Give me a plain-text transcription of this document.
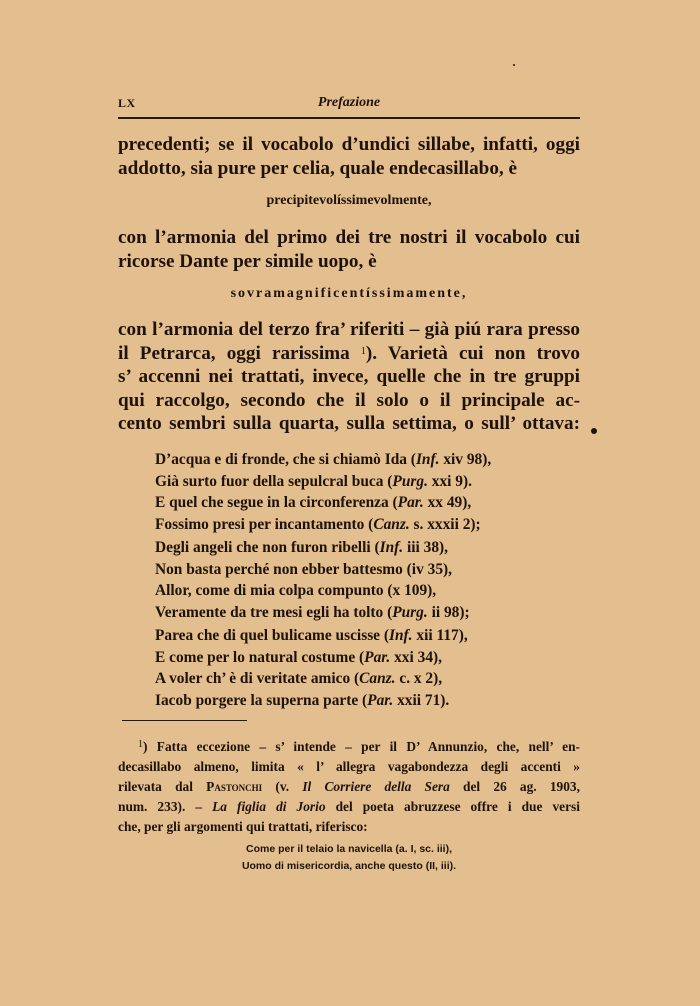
LX	Prefazione
precedenti; se il vocabolo d’undici sillabe, infatti, oggi
addotto, sia pure per celia, quale endecasillabo, è
precipitevolíssimevolmente,
con l’armonia del primo dei tre nostri il vocabolo cui
ricorse Dante per simile uopo, è
sovramagnificentíssimamente,
con l’armonia del terzo fra’ riferiti – già piú rara presso
il Petrarca, oggi rarissima $^1$). Varietà cui non trovo
s’ accenni nei trattati, invece, quelle che in tre gruppi
qui raccolgo, secondo che il solo o il principale ac-
cento sembri sulla quarta, sulla settima, o sull’ ottava:
D’acqua e di fronde, che si chiamò Ida (Inf. xiv 98),
Già surto fuor della sepulcral buca (Purg. xxi 9).
E quel che segue in la circonferenza (Par. xx 49),
Fossimo presi per incantamento (Canz. s. xxxii 2);
Degli angeli che non furon ribelli (Inf. iii 38),
Non basta perché non ebber battesmo (iv 35),
Allor, come di mia colpa compunto (x 109),
Veramente da tre mesi egli ha tolto (Purg. ii 98);
Parea che di quel bulicame uscisse (Inf. xii 117),
E come per lo natural costume (Par. xxi 34),
A voler ch’ è di veritate amico (Canz. c. x 2),
Iacob porgere la superna parte (Par. xxii 71).
$^1$) Fatta eccezione – s’ intende – per il D’ Annunzio, che, nell’ en-
decasillabo almeno, limita « l’ allegra vagabondezza degli accenti »
rilevata dal Pastonchi (v. Il Corriere della Sera del 26 ag. 1903,
num. 233). – La figlia di Jorio del poeta abruzzese offre i due versi
che, per gli argomenti qui trattati, riferisco:
Come per il telaio la navicella (a. I, sc. iii),
Uomo di misericordia, anche questo (II, iii).
